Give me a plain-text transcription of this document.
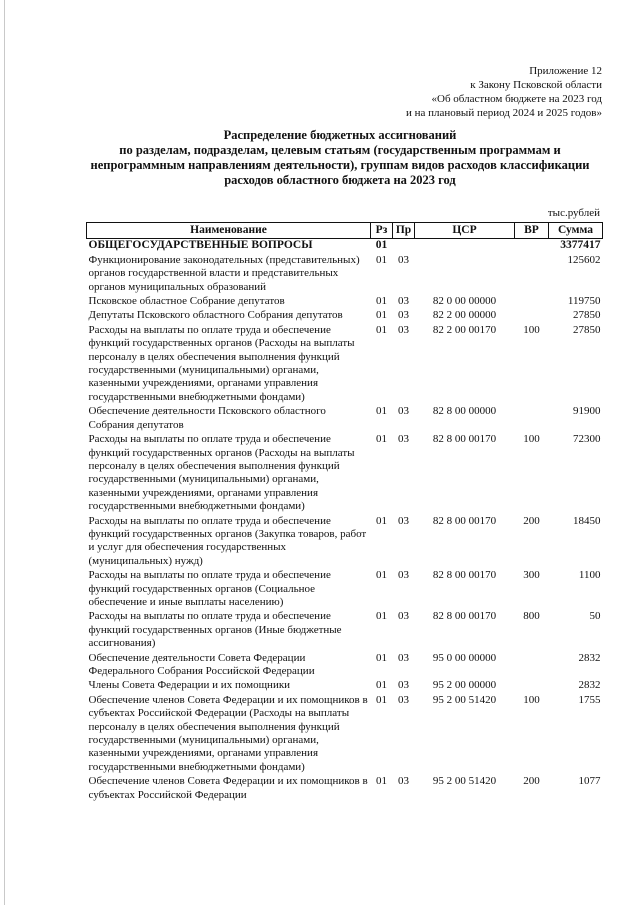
Приложение 12
к Закону Псковской области
«Об областном бюджете на 2023 год
и на плановый период 2024 и 2025 годов»
Распределение бюджетных ассигнований
по разделам, подразделам, целевым статьям (государственным программам и
непрограммным направлениям деятельности), группам видов расходов классификации
расходов областного бюджета на 2023 год
тыс.рублей
Наименование	Рз	Пр	ЦСР	ВР	Сумма
ОБЩЕГОСУДАРСТВЕННЫЕ ВОПРОСЫ	01				3377417
Функционирование законодательных (представительных) органов государственной власти и представительных органов муниципальных образований	01	03			125602
Псковское областное Собрание депутатов	01	03	82 0 00 00000		119750
Депутаты Псковского областного Собрания депутатов	01	03	82 2 00 00000		27850
Расходы на выплаты по оплате труда и обеспечение функций государственных органов (Расходы на выплаты персоналу в целях обеспечения выполнения функций государственными (муниципальными) органами, казенными учреждениями, органами управления государственными внебюджетными фондами)	01	03	82 2 00 00170	100	27850
Обеспечение деятельности Псковского областного Собрания депутатов	01	03	82 8 00 00000		91900
Расходы на выплаты по оплате труда и обеспечение функций государственных органов (Расходы на выплаты персоналу в целях обеспечения выполнения функций государственными (муниципальными) органами, казенными учреждениями, органами управления государственными внебюджетными фондами)	01	03	82 8 00 00170	100	72300
Расходы на выплаты по оплате труда и обеспечение функций государственных органов (Закупка товаров, работ и услуг для обеспечения государственных (муниципальных) нужд)	01	03	82 8 00 00170	200	18450
Расходы на выплаты по оплате труда и обеспечение функций государственных органов (Социальное обеспечение и иные выплаты населению)	01	03	82 8 00 00170	300	1100
Расходы на выплаты по оплате труда и обеспечение функций государственных органов (Иные бюджетные ассигнования)	01	03	82 8 00 00170	800	50
Обеспечение деятельности Совета Федерации Федерального Собрания Российской Федерации	01	03	95 0 00 00000		2832
Члены Совета Федерации и их помощники	01	03	95 2 00 00000		2832
Обеспечение членов Совета Федерации и их помощников в субъектах Российской Федерации (Расходы на выплаты персоналу в целях обеспечения выполнения функций государственными (муниципальными) органами, казенными учреждениями, органами управления государственными внебюджетными фондами)	01	03	95 2 00 51420	100	1755
Обеспечение членов Совета Федерации и их помощников в субъектах Российской Федерации	01	03	95 2 00 51420	200	1077
